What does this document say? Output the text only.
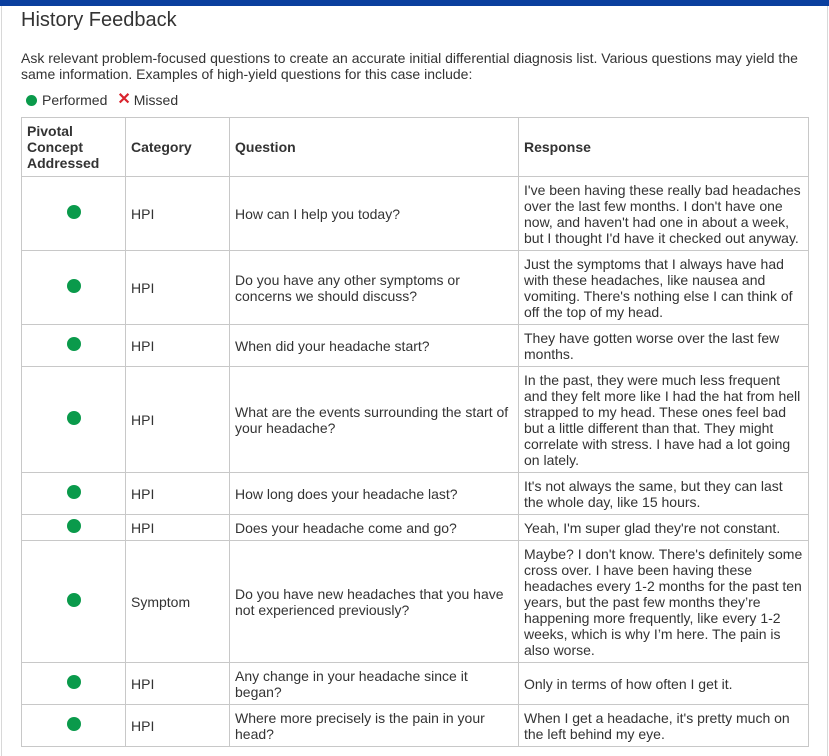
History Feedback
Ask relevant problem-focused questions to create an accurate initial differential diagnosis list. Various questions may yield the same information. Examples of high-yield questions for this case include:
Performed ✕ Missed
Pivotal Concept Addressed	Category	Question	Response
	HPI	How can I help you today?	I've been having these really bad headaches over the last few months. I don't have one now, and haven't had one in about a week, but I thought I'd have it checked out anyway.
	HPI	Do you have any other symptoms or concerns we should discuss?	Just the symptoms that I always have had with these headaches, like nausea and vomiting. There's nothing else I can think of off the top of my head.
	HPI	When did your headache start?	They have gotten worse over the last few months.
	HPI	What are the events surrounding the start of your headache?	In the past, they were much less frequent and they felt more like I had the hat from hell strapped to my head. These ones feel bad but a little different than that. They might correlate with stress. I have had a lot going on lately.
	HPI	How long does your headache last?	It's not always the same, but they can last the whole day, like 15 hours.
	HPI	Does your headache come and go?	Yeah, I'm super glad they're not constant.
	Symptom	Do you have new headaches that you have not experienced previously?	Maybe? I don't know. There's definitely some cross over. I have been having these headaches every 1-2 months for the past ten years, but the past few months they’re happening more frequently, like every 1-2 weeks, which is why I’m here. The pain is also worse.
	HPI	Any change in your headache since it began?	Only in terms of how often I get it.
	HPI	Where more precisely is the pain in your head?	When I get a headache, it's pretty much on the left behind my eye.
